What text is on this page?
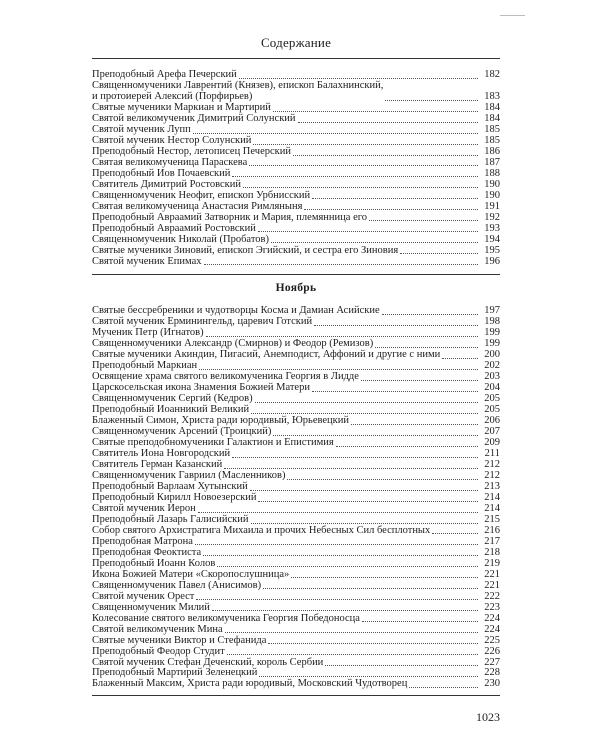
Содержание
Преподобный Арефа Печерский	182
Священномученики Лаврентий (Князев), епископ Балахнинский,
и протоиерей Алексий (Порфирьев)	183
Святые мученики Маркиан и Мартирий	184
Святой великомученик Димитрий Солунский	184
Святой мученик Лупп	185
Святой мученик Нестор Солунский	185
Преподобный Нестор, летописец Печерский	186
Святая великомученица Параскева	187
Преподобный Иов Почаевский	188
Святитель Димитрий Ростовский	190
Священномученик Неофит, епископ Урбнисский	190
Святая великомученица Анастасия Римляныня	191
Преподобный Авраамий Затворник и Мария, племянница его	192
Преподобный Авраамий Ростовский	193
Священномученик Николай (Пробатов)	194
Святые мученики Зиновий, епископ Эгийский, и сестра его Зиновия	195
Святой мученик Епимах	196
Ноябрь
Святые бессребреники и чудотворцы Косма и Дамиан Асийские	197
Святой мученик Ерминингельд, царевич Готский	198
Мученик Петр (Игнатов)	199
Священномученики Александр (Смирнов) и Феодор (Ремизов)	199
Святые мученики Акиндин, Пигасий, Анемподист, Аффоний и другие с ними	200
Преподобный Маркиан	202
Освящение храма святого великомученика Георгия в Лидде	203
Царскосельская икона Знамения Божией Матери	204
Священномученик Сергий (Кедров)	205
Преподобный Иоанникий Великий	205
Блаженный Симон, Христа ради юродивый, Юрьевецкий	206
Священномученик Арсений (Троицкий)	207
Святые преподобномученики Галактион и Епистимия	209
Святитель Иона Новгородский	211
Святитель Герман Казанский	212
Священномученик Гавриил (Масленников)	212
Преподобный Варлаам Хутынский	213
Преподобный Кирилл Новоезерский	214
Святой мученик Иерон	214
Преподобный Лазарь Галисийский	215
Собор святого Архистратига Михаила и прочих Небесных Сил бесплотных	216
Преподобная Матрона	217
Преподобная Феоктиста	218
Преподобный Иоанн Колов	219
Икона Божией Матери «Скоропослушница»	221
Священномученик Павел (Анисимов)	221
Святой мученик Орест	222
Священномученик Милий	223
Колесование святого великомученика Георгия Победоносца	224
Святой великомученик Мина	224
Святые мученики Виктор и Стефанида	225
Преподобный Феодор Студит	226
Святой мученик Стефан Деченский, король Сербии	227
Преподобный Мартирий Зеленецкий	228
Блаженный Максим, Христа ради юродивый, Московский Чудотворец	230
1023
